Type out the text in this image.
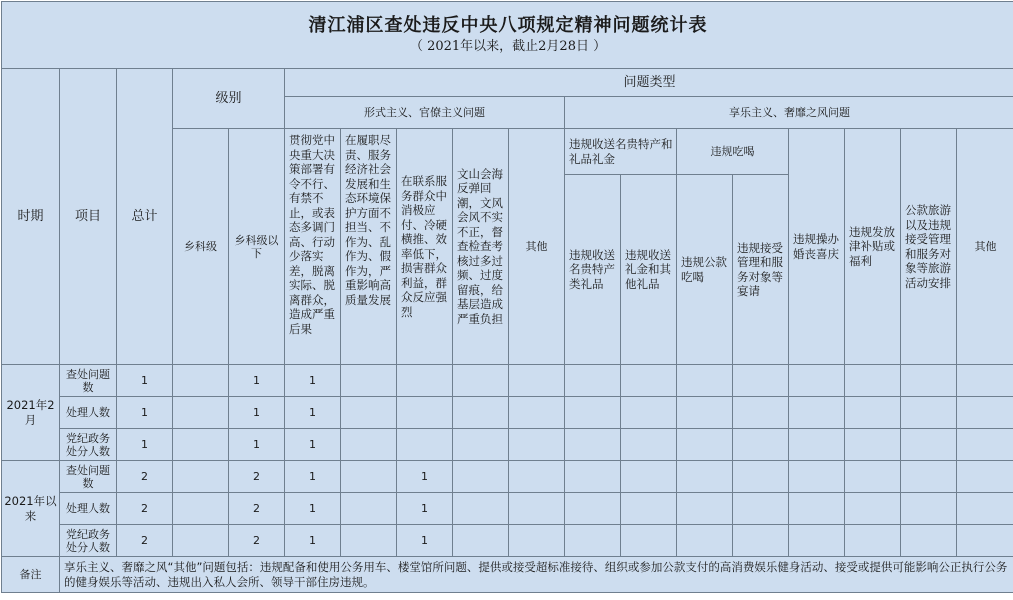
清江浦区查处违反中央八项规定精神问题统计表
（ 2021年以来，截止2月28日 ）																	

时期	项目	总计	级别		问题类型												
					形式主义、官僚主义问题					享乐主义、奢靡之风问题							
			乡科级	乡科级以下	贯彻党中央重大决策部署有令不行、有禁不止，或表态多调门高、行动少落实差，脱离实际、脱离群众，造成严重后果	在履职尽责、服务经济社会发展和生态环境保护方面不担当、不作为、乱作为、假作为，严重影响高质量发展	在联系服务群众中消极应付、冷硬横推、效率低下，损害群众利益，群众反应强烈	文山会海反弹回潮，文风会风不实不正，督查检查考核过多过频、过度留痕，给基层造成严重负担	其他	违规收送名贵特产和礼品礼金		违规吃喝		违规操办婚丧喜庆	违规发放津补贴或福利	公款旅游以及违规接受管理和服务对象等旅游活动安排	其他
										违规收送名贵特产类礼品	违规收送礼金和其他礼品	违规公款吃喝	违规接受管理和服务对象等宴请				
2021年2月	查处问题数	1		1	1												
	处理人数	1		1	1												
	党纪政务处分人数	1		1	1												
2021年以来	查处问题数	2		2	1		1										
	处理人数	2		2	1		1										
	党纪政务处分人数	2		2	1		1										
备注	享乐主义、奢靡之风“其他”问题包括：违规配备和使用公务用车、楼堂馆所问题、提供或接受超标准接待、组织或参加公款支付的高消费娱乐健身活动、接受或提供可能影响公正执行公务的健身娱乐等活动、违规出入私人会所、领导干部住房违规。																
